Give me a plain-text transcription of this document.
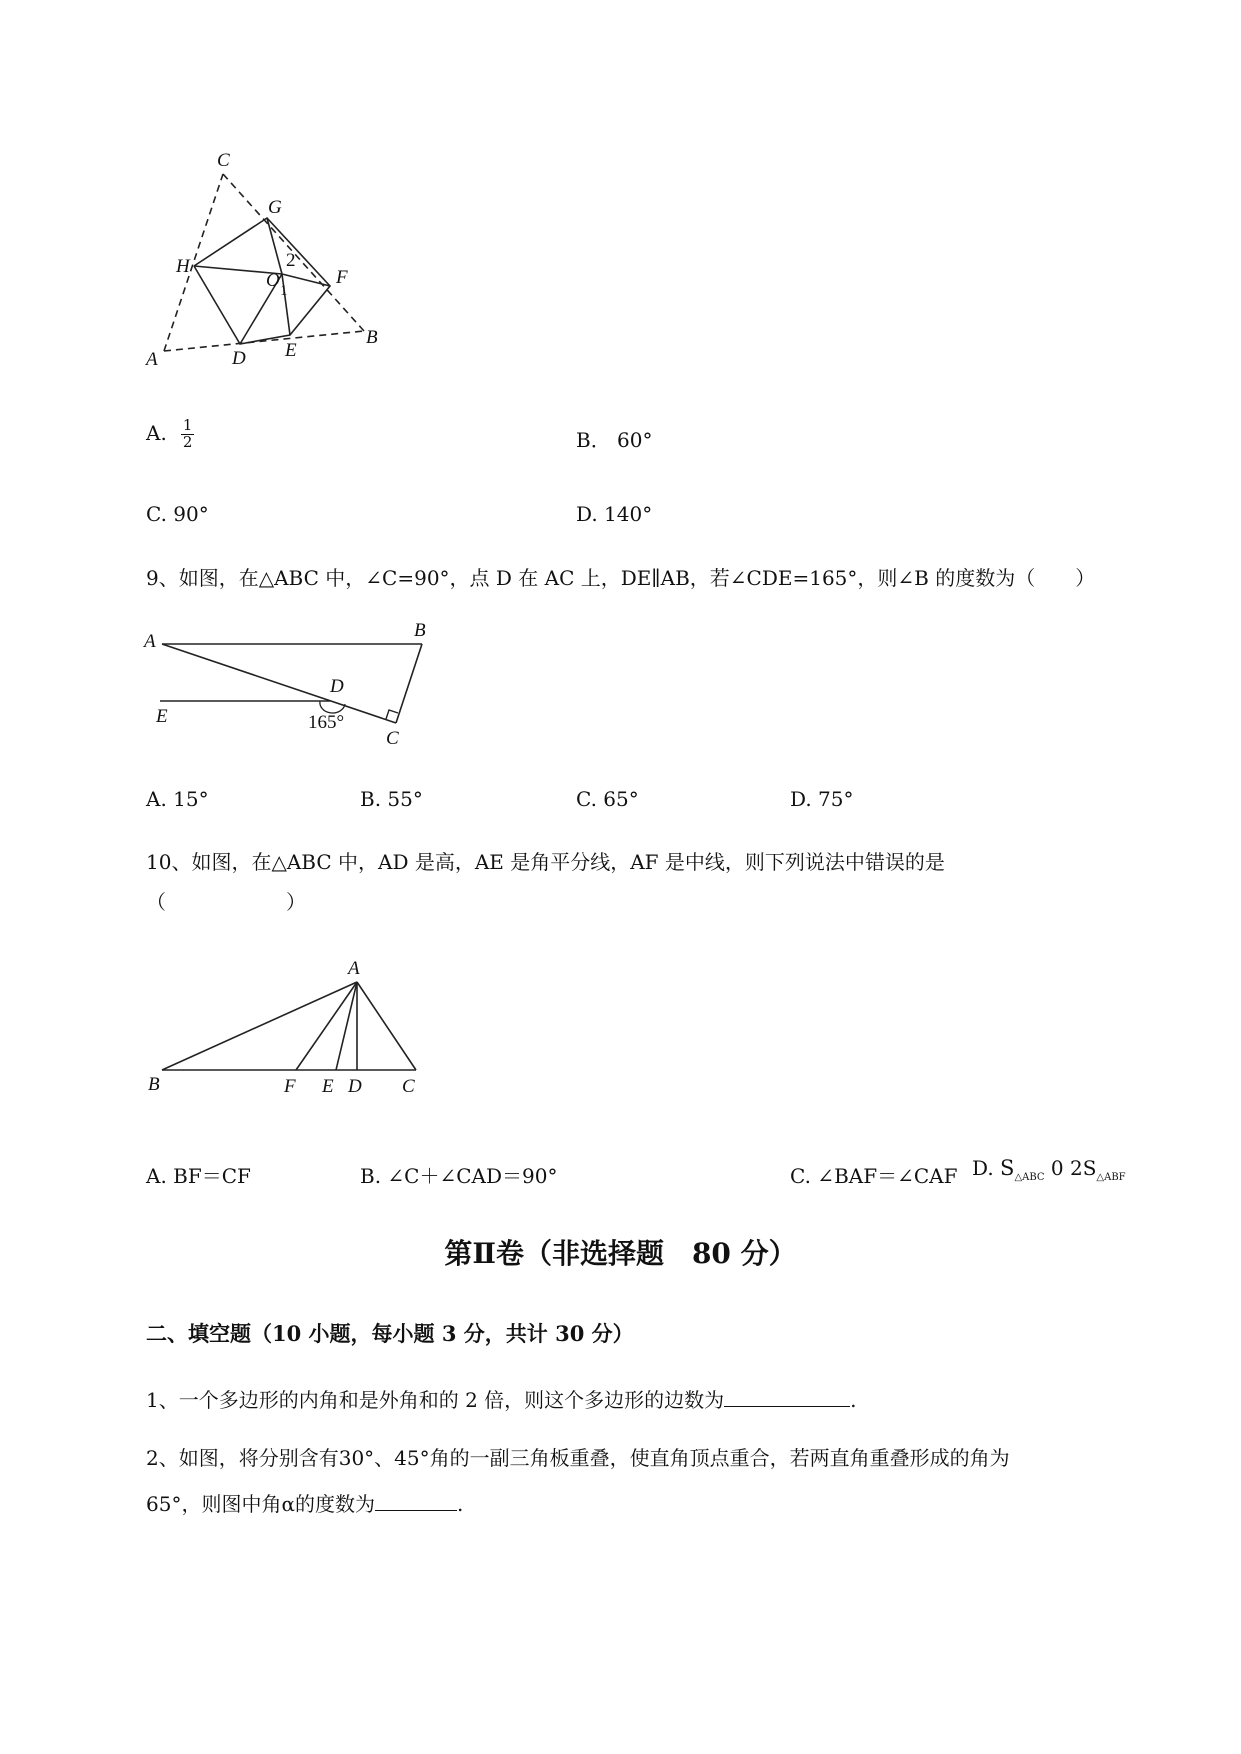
C
G
H
O
2
1
F
A	D E
B
A. $\frac{1}{2}$	B． 60°
C. 90°	D. 140°
9、如图，在△ABC 中，∠C=90°，点 D 在 AC 上，DE∥AB，若∠CDE=165°，则∠B 的度数为（　　）
A
B
D
E	165°
C
A. 15°	B. 55°	C. 65°	D. 75°
10、如图，在△ABC 中，AD 是高，AE 是角平分线，AF 是中线，则下列说法中错误的是
（　　　　　　）
A
B	F E D C
A. BF＝CF	B. ∠C＋∠CAD＝90°	C. ∠BAF＝∠CAF D. $S_{\triangle ABC}$ 0 $2S_{\triangle ABF}$
第Ⅱ卷（非选择题　80 分）
二、填空题（10 小题，每小题 3 分，共计 30 分）
1、一个多边形的内角和是外角和的 2 倍，则这个多边形的边数为	.
2、如图，将分别含有30°、45°角的一副三角板重叠，使直角顶点重合，若两直角重叠形成的角为
65°，则图中角α的度数为	.
